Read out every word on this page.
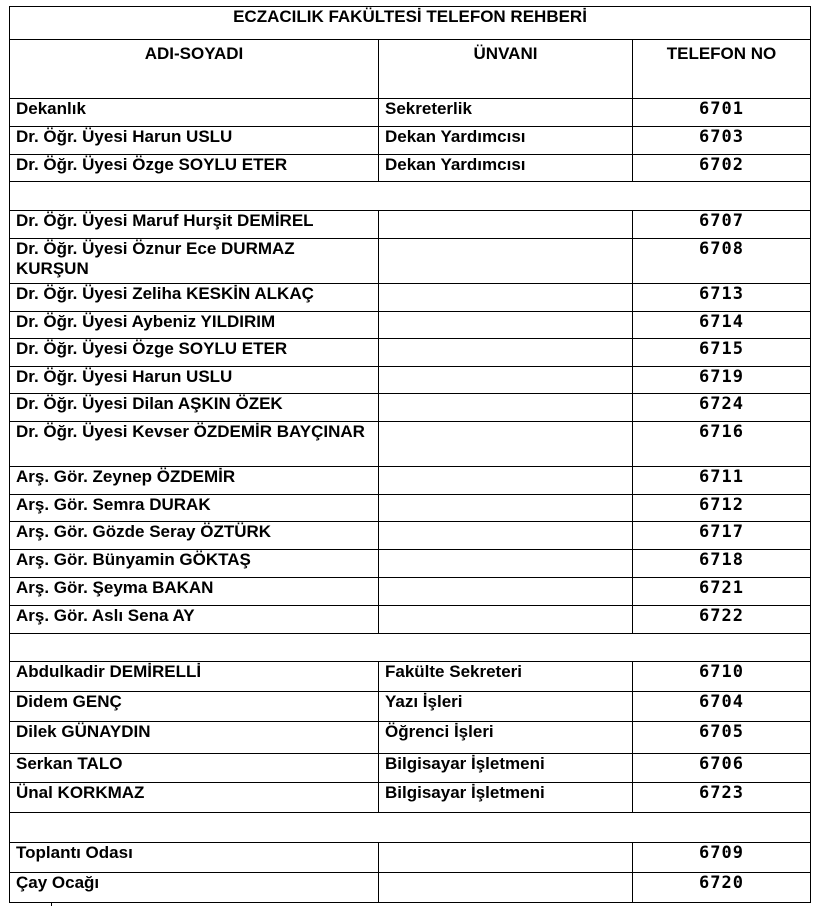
ECZACILIK FAKÜLTESİ TELEFON REHBERİ		
ADI-SOYADI	ÜNVANI	TELEFON NO
Dekanlık	Sekreterlik	6701
Dr. Öğr. Üyesi Harun USLU	Dekan Yardımcısı	6703
Dr. Öğr. Üyesi Özge SOYLU ETER	Dekan Yardımcısı	6702

Dr. Öğr. Üyesi Maruf Hurşit DEMİREL		6707
Dr. Öğr. Üyesi Öznur Ece DURMAZ KURŞUN		6708
Dr. Öğr. Üyesi Zeliha KESKİN ALKAÇ		6713
Dr. Öğr. Üyesi Aybeniz YILDIRIM		6714
Dr. Öğr. Üyesi Özge SOYLU ETER		6715
Dr. Öğr. Üyesi Harun USLU		6719
Dr. Öğr. Üyesi Dilan AŞKIN ÖZEK		6724
Dr. Öğr. Üyesi Kevser ÖZDEMİR BAYÇINAR		6716
Arş. Gör. Zeynep ÖZDEMİR		6711
Arş. Gör. Semra DURAK		6712
Arş. Gör. Gözde Seray ÖZTÜRK		6717
Arş. Gör. Bünyamin GÖKTAŞ		6718
Arş. Gör. Şeyma BAKAN		6721
Arş. Gör. Aslı Sena AY		6722

Abdulkadir DEMİRELLİ	Fakülte Sekreteri	6710
Didem GENÇ	Yazı İşleri	6704
Dilek GÜNAYDIN	Öğrenci İşleri	6705
Serkan TALO	Bilgisayar İşletmeni	6706
Ünal KORKMAZ	Bilgisayar İşletmeni	6723

Toplantı Odası		6709
Çay Ocağı		6720
